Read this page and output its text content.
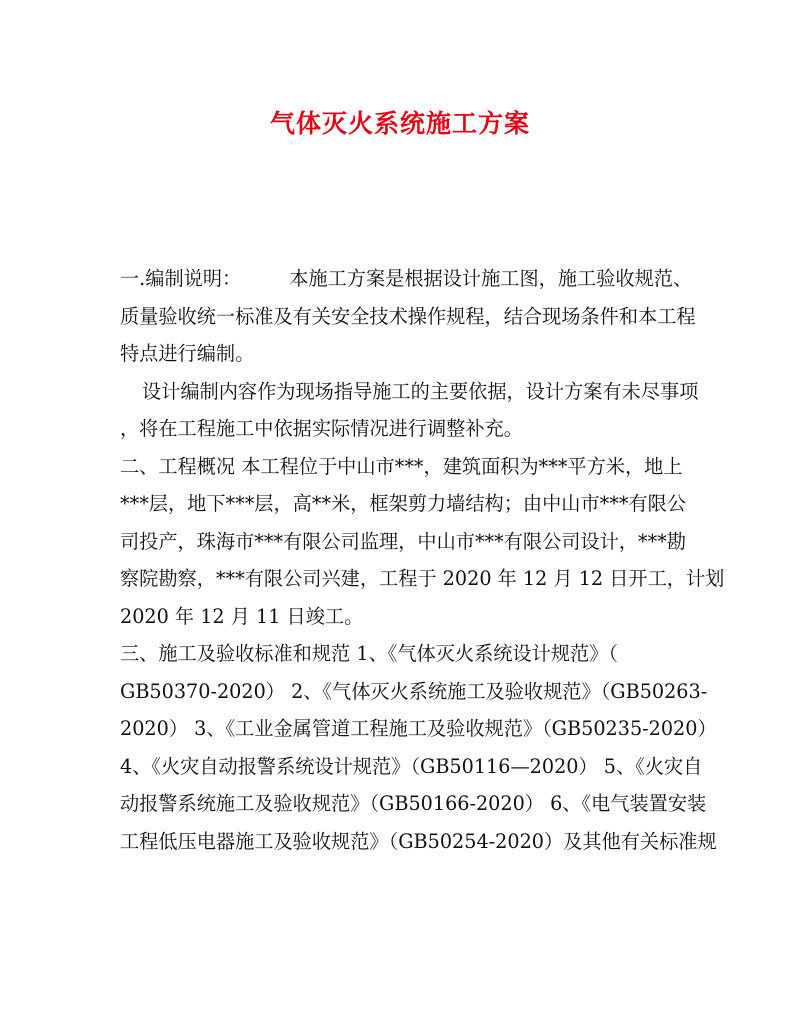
气体灭火系统施工方案

一.编制说明：	本施工方案是根据设计施工图，施工验收规范、

质量验收统一标准及有关安全技术操作规程，结合现场条件和本工程

特点进行编制。

设计编制内容作为现场指导施工的主要依据，设计方案有未尽事项

，将在工程施工中依据实际情况进行调整补充。

二、工程概况 本工程位于中山市***，建筑面积为***平方米，地上

***层，地下***层，高**米，框架剪力墙结构；由中山市***有限公

司投产，珠海市***有限公司监理，中山市***有限公司设计，***勘

察院勘察，***有限公司兴建，工程于 2020 年 12 月 12 日开工，计划

2020 年 12 月 11 日竣工。

三、施工及验收标准和规范 1、《气体灭火系统设计规范》（

GB50370-2020） 2、《气体灭火系统施工及验收规范》（GB50263-

2020） 3、《工业金属管道工程施工及验收规范》（GB50235-2020）

4、《火灾自动报警系统设计规范》（GB50116—2020） 5、《火灾自

动报警系统施工及验收规范》（GB50166-2020） 6、《电气装置安装

工程低压电器施工及验收规范》（GB50254-2020）及其他有关标准规
